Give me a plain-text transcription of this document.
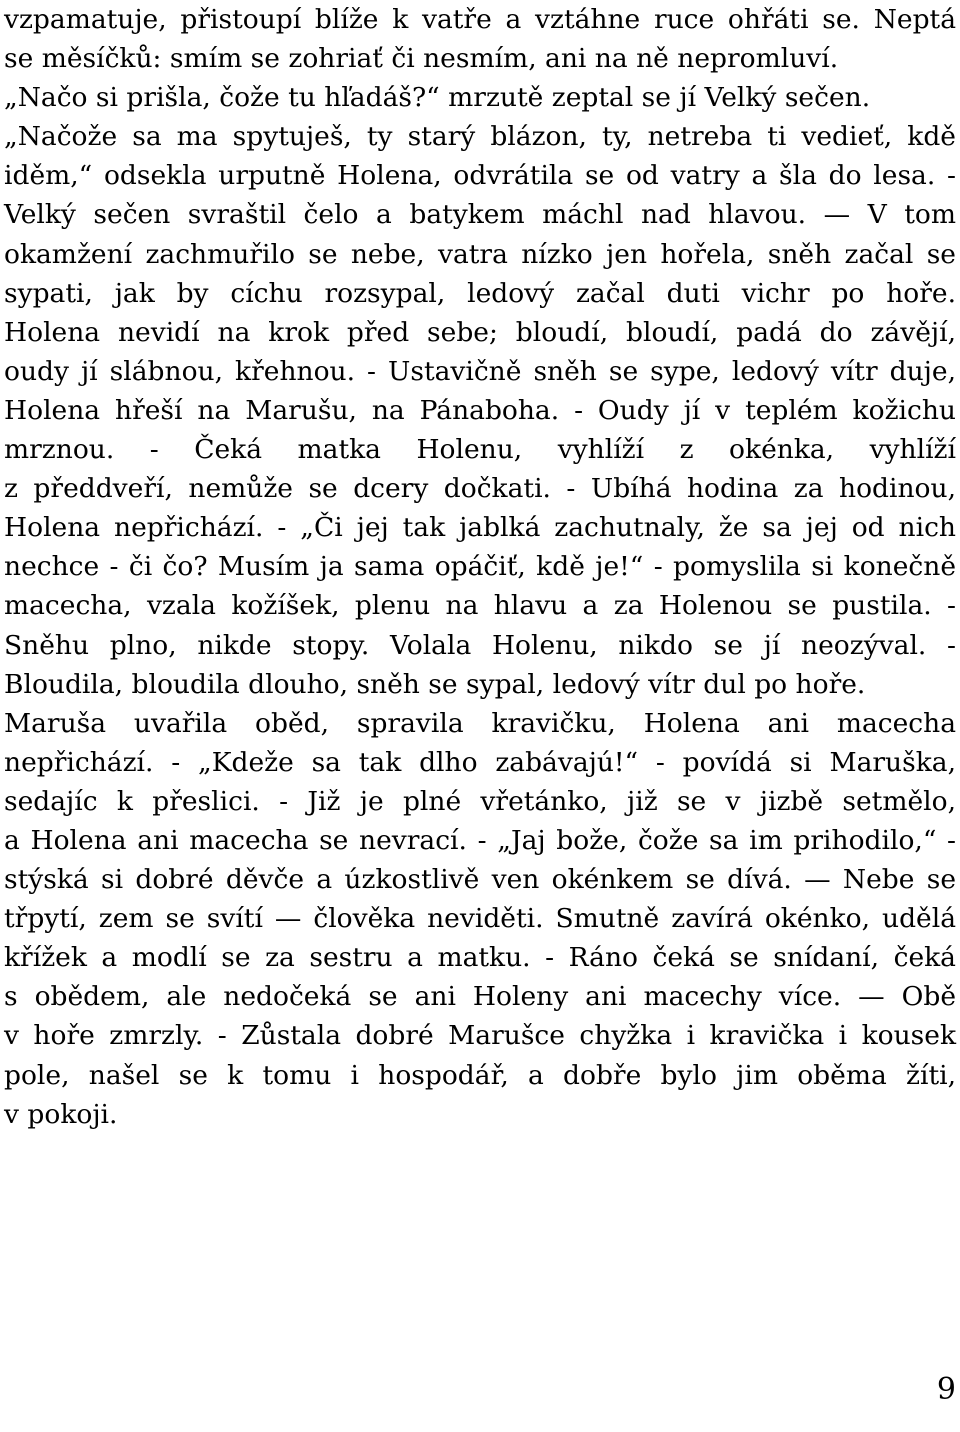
vzpamatuje, přistoupí blíže k vatře a vztáhne ruce ohřáti se. Neptá
se měsíčků: smím se zohriať či nesmím, ani na ně nepromluví.
„Načo si prišla, čože tu hľadáš?“ mrzutě zeptal se jí Velký sečen.
„Načože sa ma spytuješ, ty starý blázon, ty, netreba ti vedieť, kdě
iděm,“ odsekla urputně Holena, odvrátila se od vatry a šla do lesa. -
Velký sečen svraštil čelo a batykem máchl nad hlavou. — V tom
okamžení zachmuřilo se nebe, vatra nízko jen hořela, sněh začal se
sypati, jak by cíchu rozsypal, ledový začal duti vichr po hoře.
Holena nevidí na krok před sebe; bloudí, bloudí, padá do závějí,
oudy jí slábnou, křehnou. - Ustavičně sněh se sype, ledový vítr duje,
Holena hřeší na Marušu, na Pánaboha. - Oudy jí v teplém kožichu
mrznou. - Čeká matka Holenu, vyhlíží z okénka, vyhlíží
z předdveří, nemůže se dcery dočkati. - Ubíhá hodina za hodinou,
Holena nepřichází. - „Či jej tak jablká zachutnaly, že sa jej od nich
nechce - či čo? Musím ja sama opáčiť, kdě je!“ - pomyslila si konečně
macecha, vzala kožíšek, plenu na hlavu a za Holenou se pustila. -
Sněhu plno, nikde stopy. Volala Holenu, nikdo se jí neozýval. -
Bloudila, bloudila dlouho, sněh se sypal, ledový vítr dul po hoře.
Maruša uvařila oběd, spravila kravičku, Holena ani macecha
nepřichází. - „Kdeže sa tak dlho zabávajú!“ - povídá si Maruška,
sedajíc k přeslici. - Již je plné vřetánko, již se v jizbě setmělo,
a Holena ani macecha se nevrací. - „Jaj bože, čože sa im prihodilo,“ -
stýská si dobré děvče a úzkostlivě ven okénkem se dívá. — Nebe se
třpytí, zem se svítí — člověka neviděti. Smutně zavírá okénko, udělá
křížek a modlí se za sestru a matku. - Ráno čeká se snídaní, čeká
s obědem, ale nedočeká se ani Holeny ani macechy více. — Obě
v hoře zmrzly. - Zůstala dobré Marušce chyžka i kravička i kousek
pole, našel se k tomu i hospodář, a dobře bylo jim oběma žíti,
v pokoji.
9
